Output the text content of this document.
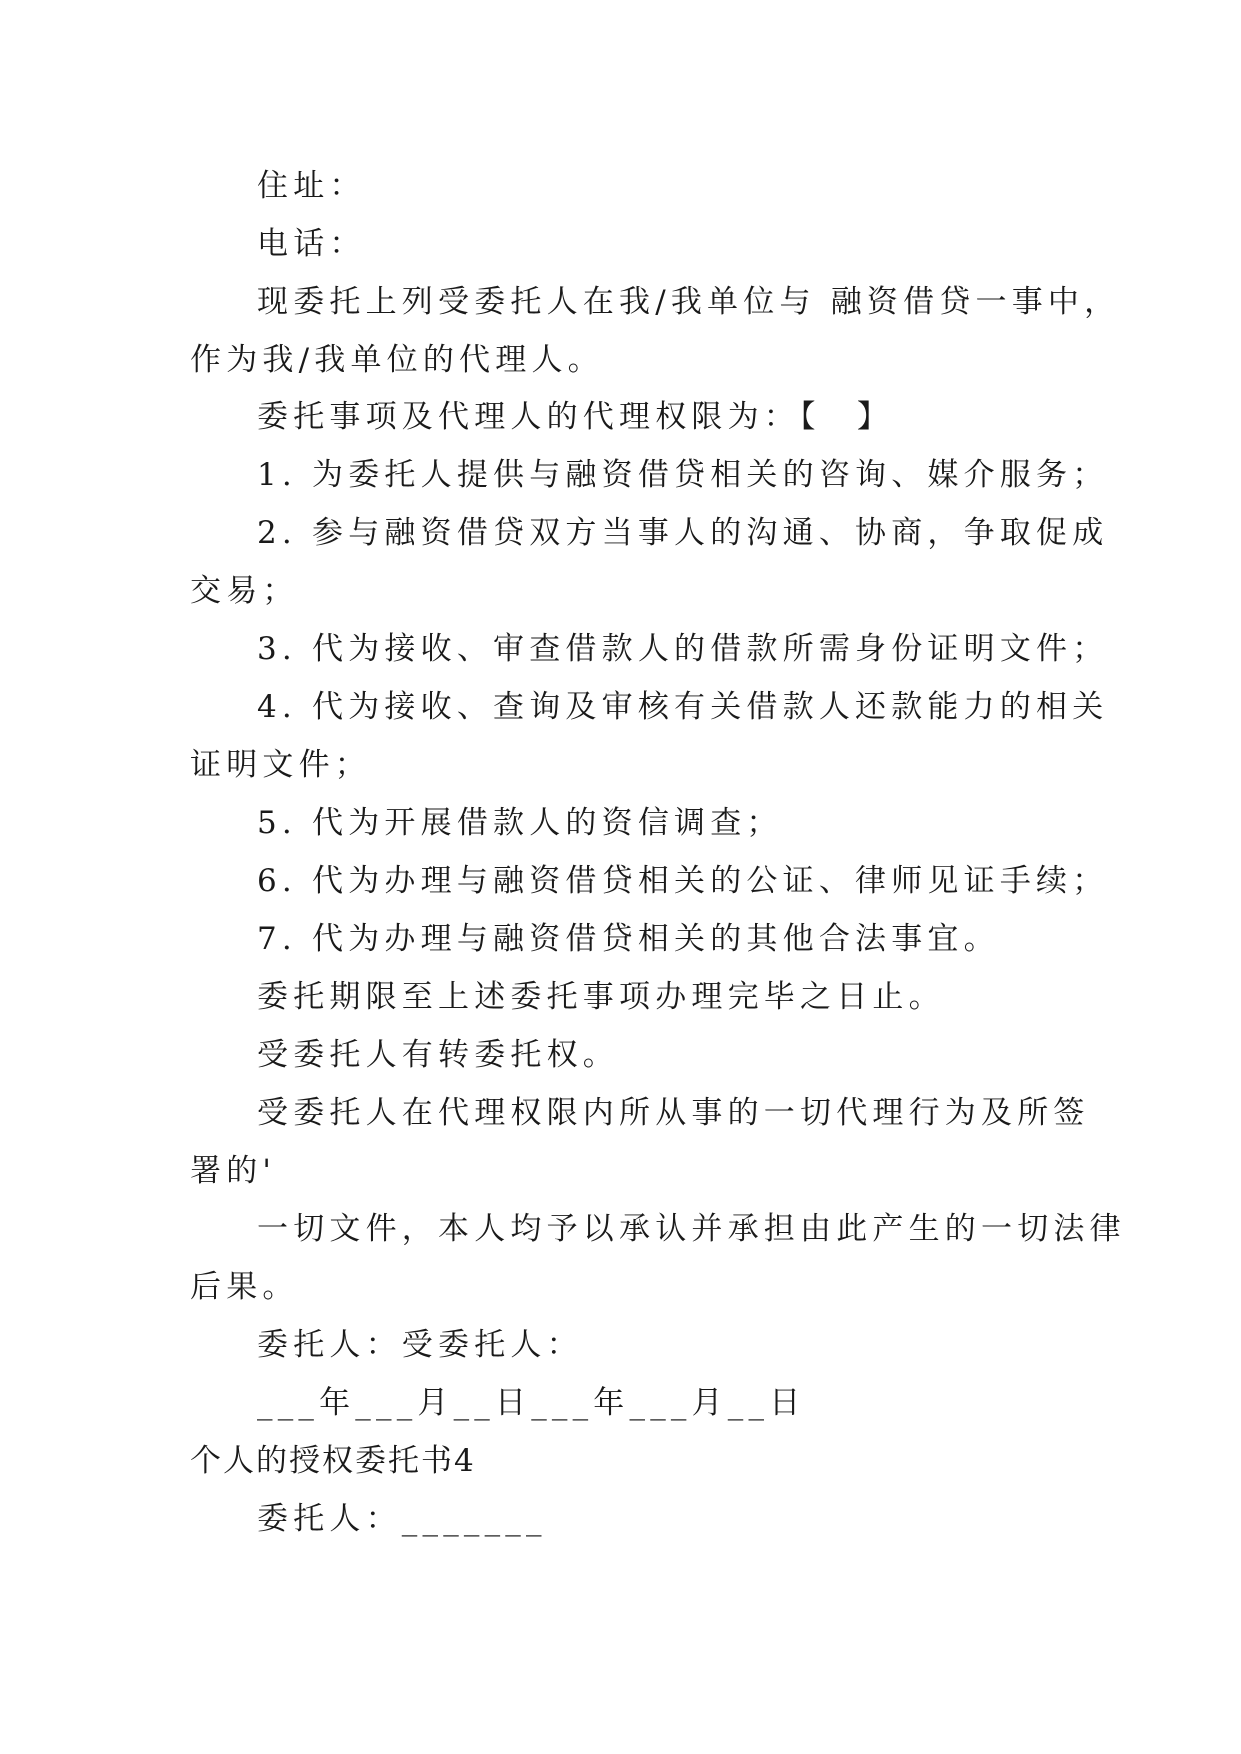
住址：
电话：
现委托上列受委托人在我/我单位与 融资借贷一事中，
作为我/我单位的代理人。
委托事项及代理人的代理权限为：【　】
1. 为委托人提供与融资借贷相关的咨询、媒介服务；
2. 参与融资借贷双方当事人的沟通、协商，争取促成
交易；
3. 代为接收、审查借款人的借款所需身份证明文件；
4. 代为接收、查询及审核有关借款人还款能力的相关
证明文件；
5. 代为开展借款人的资信调查；
6. 代为办理与融资借贷相关的公证、律师见证手续；
7. 代为办理与融资借贷相关的其他合法事宜。
委托期限至上述委托事项办理完毕之日止。
受委托人有转委托权。
受委托人在代理权限内所从事的一切代理行为及所签
署的'
一切文件，本人均予以承认并承担由此产生的一切法律
后果。
委托人：受委托人：
___年___月__日___年___月__日
个人的授权委托书4
委托人：_______
